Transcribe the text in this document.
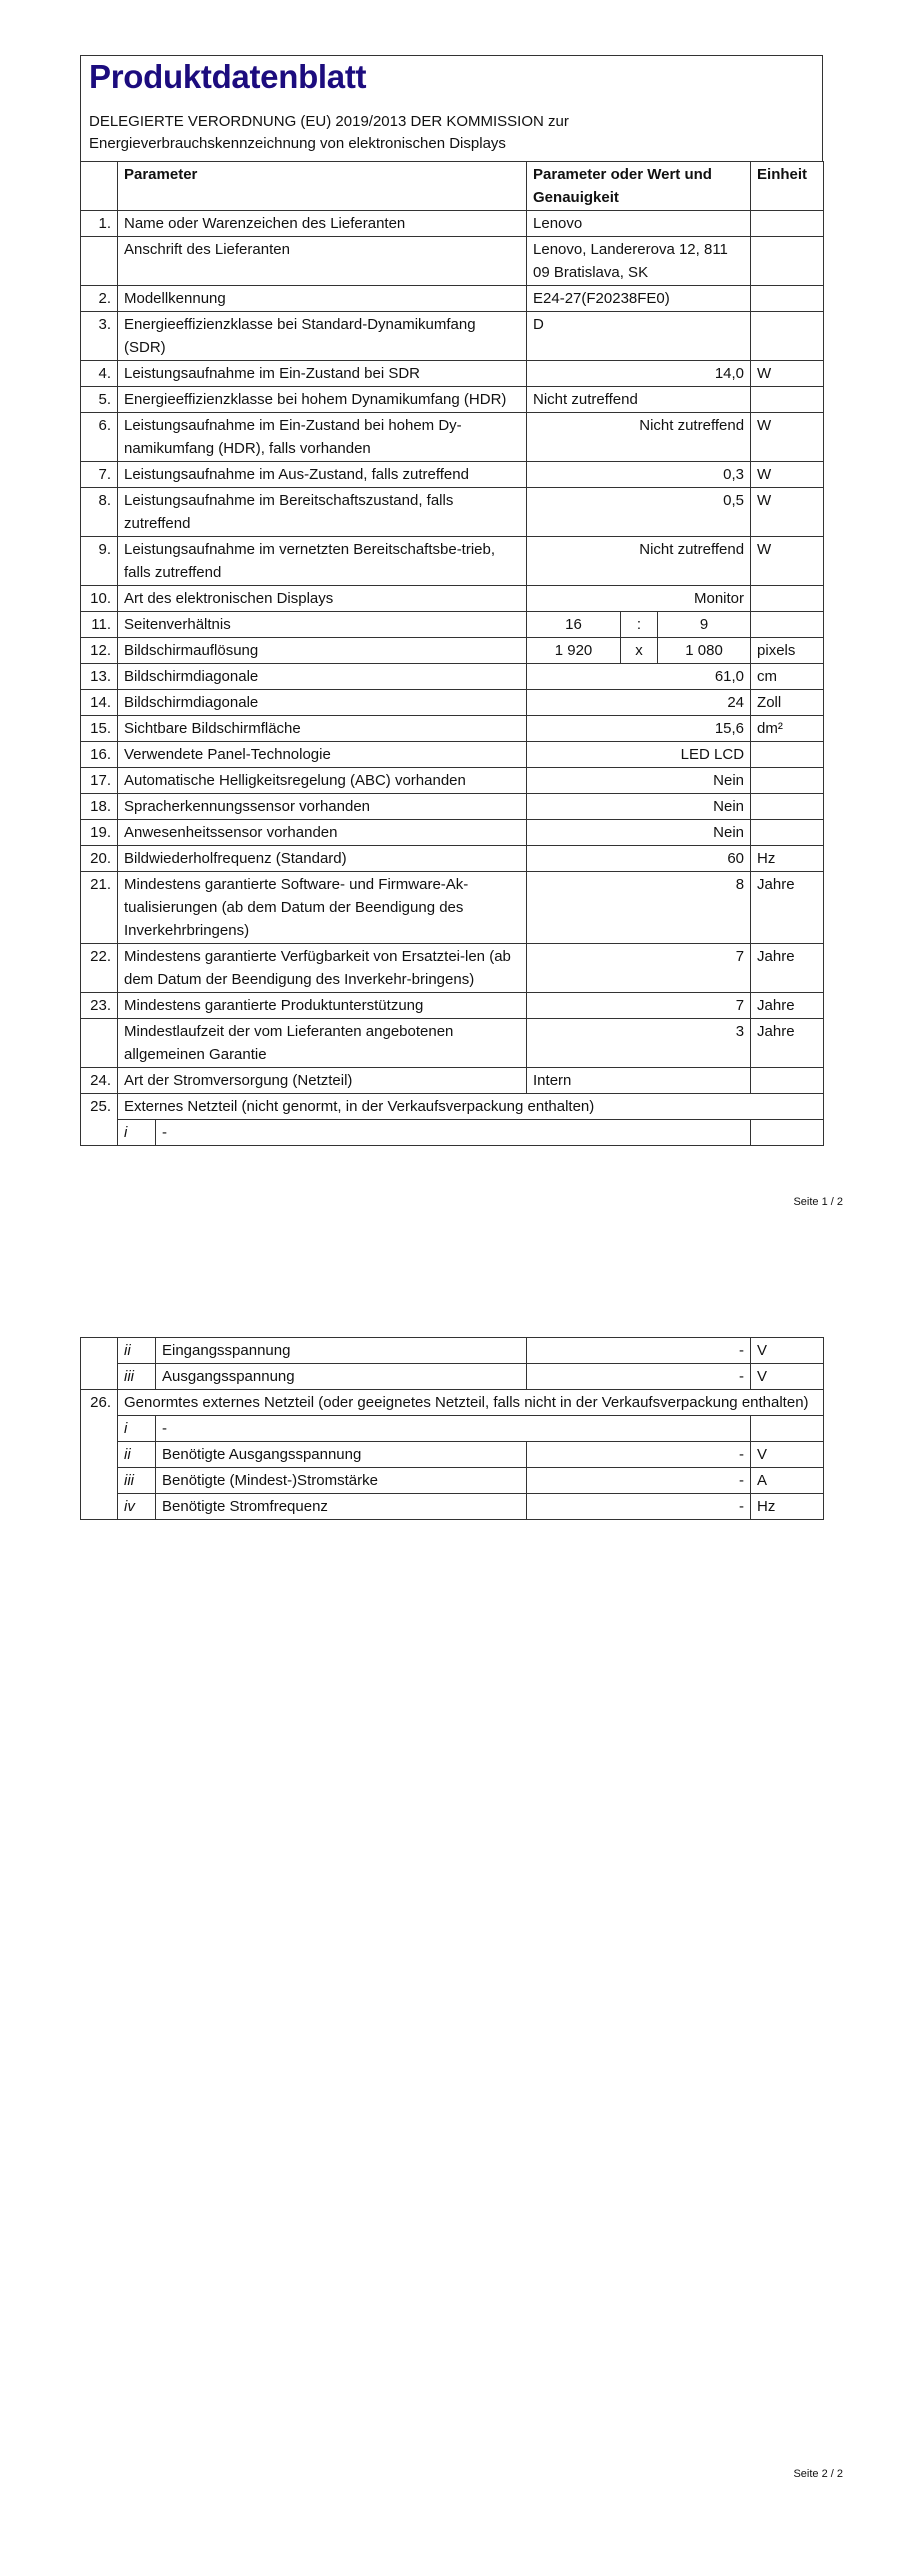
Produktdatenblatt
DELEGIERTE VERORDNUNG (EU) 2019/2013 DER KOMMISSION zur
Energieverbrauchskennzeichnung von elektronischen Displays
	Parameter		Parameter oder Wert und Genauigkeit			Einheit
1.	Name oder Warenzeichen des Lieferanten		Lenovo			
	Anschrift des Lieferanten		Lenovo, Landererova 12, 811 09 Bratislava, SK			
2.	Modellkennung		E24-27(F20238FE0)			
3.	Energieeffizienzklasse bei Standard-Dynamikumfang (SDR)		D			
4.	Leistungsaufnahme im Ein-Zustand bei SDR		14,0			W
5.	Energieeffizienzklasse bei hohem Dynamikumfang (HDR)		Nicht zutreffend			
6.	Leistungsaufnahme im Ein-Zustand bei hohem Dy-namikumfang (HDR), falls vorhanden		Nicht zutreffend			W
7.	Leistungsaufnahme im Aus-Zustand, falls zutreffend		0,3			W
8.	Leistungsaufnahme im Bereitschaftszustand, falls zutreffend		0,5			W
9.	Leistungsaufnahme im vernetzten Bereitschaftsbe-trieb, falls zutreffend		Nicht zutreffend			W
10.	Art des elektronischen Displays		Monitor			
11.	Seitenverhältnis		16	:	9	
12.	Bildschirmauflösung		1 920	x	1 080	pixels
13.	Bildschirmdiagonale		61,0			cm
14.	Bildschirmdiagonale		24			Zoll
15.	Sichtbare Bildschirmfläche		15,6			dm²
16.	Verwendete Panel-Technologie		LED LCD			
17.	Automatische Helligkeitsregelung (ABC) vorhanden		Nein			
18.	Spracherkennungssensor vorhanden		Nein			
19.	Anwesenheitssensor vorhanden		Nein			
20.	Bildwiederholfrequenz (Standard)		60			Hz
21.	Mindestens garantierte Software- und Firmware-Ak-tualisierungen (ab dem Datum der Beendigung des Inverkehrbringens)		8			Jahre
22.	Mindestens garantierte Verfügbarkeit von Ersatztei-len (ab dem Datum der Beendigung des Inverkehr-bringens)		7			Jahre
23.	Mindestens garantierte Produktunterstützung		7			Jahre
	Mindestlaufzeit der vom Lieferanten angebotenen allgemeinen Garantie		3			Jahre
24.	Art der Stromversorgung (Netzteil)		Intern			
25.	Externes Netzteil (nicht genormt, in der Verkaufsverpackung enthalten)					
	i	-				
Seite 1 / 2
	ii	Eingangsspannung	-	V
	iii	Ausgangsspannung	-	V
26.	Genormtes externes Netzteil (oder geeignetes Netzteil, falls nicht in der Verkaufsverpackung enthalten)			
	i	-		
	ii	Benötigte Ausgangsspannung	-	V
	iii	Benötigte (Mindest-)Stromstärke	-	A
	iv	Benötigte Stromfrequenz	-	Hz
Seite 2 / 2
